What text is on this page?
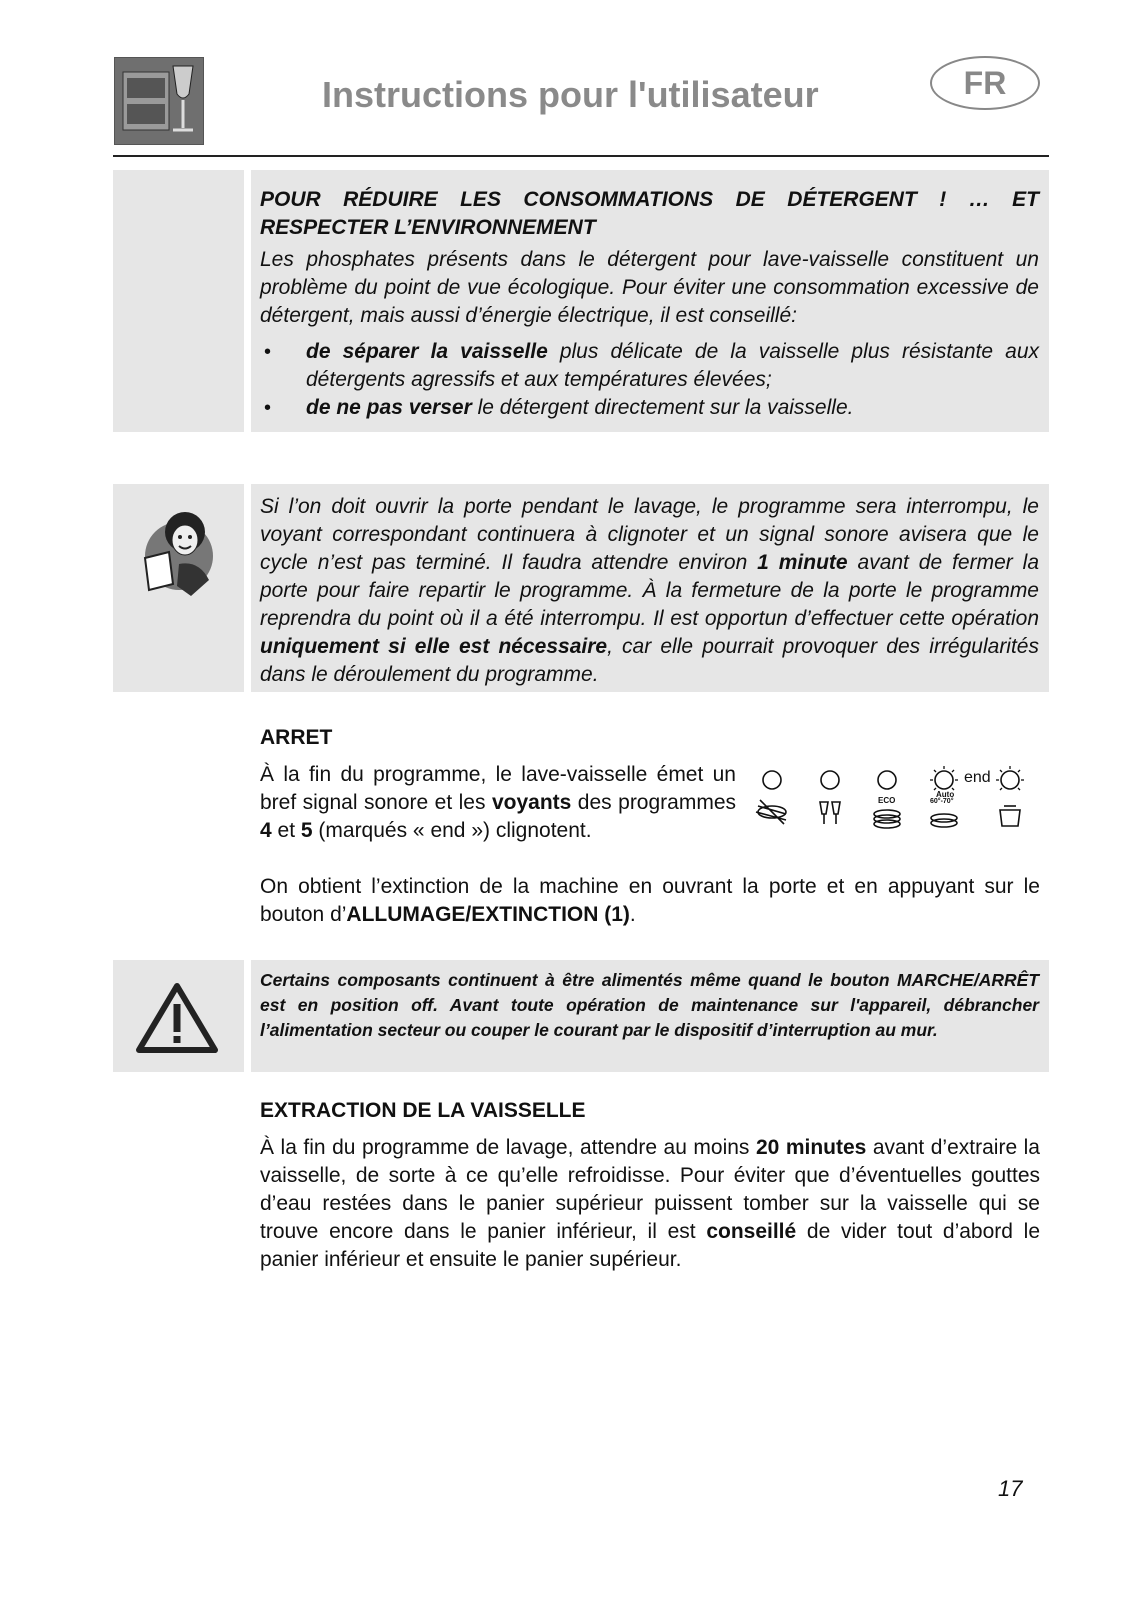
Instructions pour l'utilisateur	FR
POUR RÉDUIRE LES CONSOMMATIONS DE DÉTERGENT ! … ET
RESPECTER L’ENVIRONNEMENT
Les phosphates présents dans le détergent pour lave-vaisselle constituent un problème du point de vue écologique. Pour éviter une consommation excessive de détergent, mais aussi d’énergie électrique, il est conseillé:
• de séparer la vaisselle plus délicate de la vaisselle plus résistante aux détergents agressifs et aux températures élevées;
• de ne pas verser le détergent directement sur la vaisselle.
Si l’on doit ouvrir la porte pendant le lavage, le programme sera interrompu, le voyant correspondant continuera à clignoter et un signal sonore avisera que le cycle n’est pas terminé. Il faudra attendre environ 1 minute avant de fermer la porte pour faire repartir le programme. À la fermeture de la porte le programme reprendra du point où il a été interrompu. Il est opportun d’effectuer cette opération uniquement si elle est nécessaire, car elle pourrait provoquer des irrégularités dans le déroulement du programme.
ARRET
À la fin du programme, le lave-vaisselle émet un bref signal sonore et les voyants des programmes 4 et 5 (marqués « end ») clignotent.
end
ECO
Auto
60°-70°
On obtient l’extinction de la machine en ouvrant la porte et en appuyant sur le bouton d’ALLUMAGE/EXTINCTION (1).
Certains composants continuent à être alimentés même quand le bouton MARCHE/ARRÊT est en position off. Avant toute opération de maintenance sur l'appareil, débrancher l’alimentation secteur ou couper le courant par le dispositif d’interruption au mur.
EXTRACTION DE LA VAISSELLE
À la fin du programme de lavage, attendre au moins 20 minutes avant d’extraire la vaisselle, de sorte à ce qu’elle refroidisse. Pour éviter que d’éventuelles gouttes d’eau restées dans le panier supérieur puissent tomber sur la vaisselle qui se trouve encore dans le panier inférieur, il est conseillé de vider tout d’abord le panier inférieur et ensuite le panier supérieur.
17
